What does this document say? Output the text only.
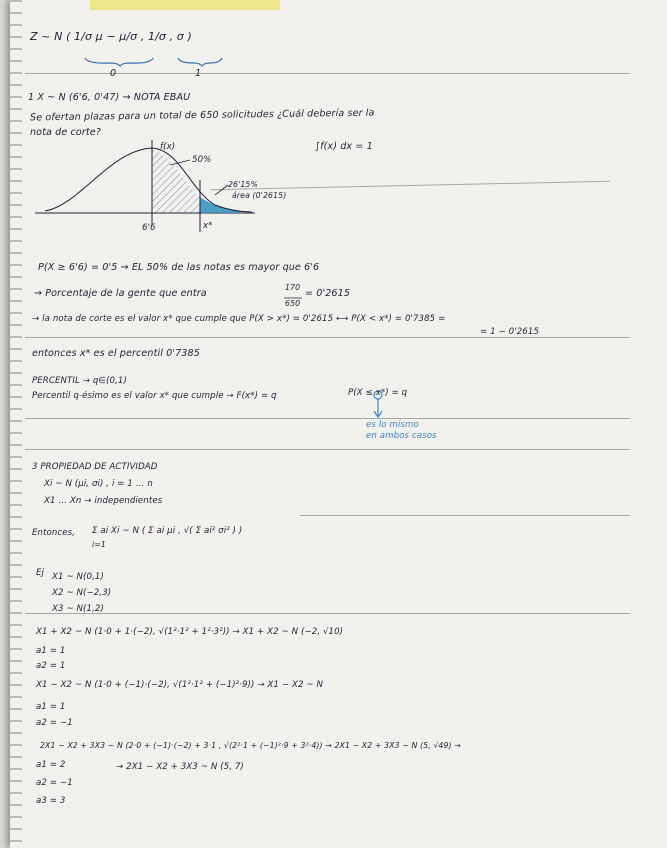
Z ~ N ( 1/σ μ − μ/σ , 1/σ , σ )
0	1
1 X ~ N (6'6, 0'47) → NOTA EBAU
Se ofertan plazas para un total de 650 solicitudes ¿Cuál debería ser la
nota de corte?
f(x)
50%
26'15%
área (0'2615)
6'6	x*
∫f(x) dx = 1
P(X ≥ 6'6) = 0'5 → EL 50% de las notas es mayor que 6'6
→ Porcentaje de la gente que entra
170
650
= 0'2615
→ la nota de corte es el valor x* que cumple que P(X > x*) = 0'2615 ⟷ P(X < x*) = 0'7385 =
= 1 − 0'2615
entonces x* es el percentil 0'7385
PERCENTIL → q∈(0,1)
Percentil q-ésimo es el valor x* que cumple → F(x*) = q	P(X ≤ x*) = q
es lo mismo
en ambos casos
3 PROPIEDAD DE ACTIVIDAD
Xi ~ N (μi, σi) , i = 1 … n
X1 … Xn → independientes
Entonces, Σ ai Xi ~ N ( Σ ai μi , √( Σ ai² σi² ) )
i=1
Ej X1 ~ N(0,1)
X2 ~ N(−2,3)
X3 ~ N(1,2)
X1 + X2 ~ N (1·0 + 1·(−2), √(1²·1² + 1²·3²)) → X1 + X2 ~ N (−2, √10)
a1 = 1
a2 = 1
X1 − X2 ~ N (1·0 + (−1)·(−2), √(1²·1² + (−1)²·9)) → X1 − X2 ~ N
a1 = 1
a2 = −1
2X1 − X2 + 3X3 ~ N (2·0 + (−1)·(−2) + 3·1 , √(2²·1 + (−1)²·9 + 3²·4)) → 2X1 − X2 + 3X3 ~ N (5, √49) →
a1 = 2	→ 2X1 − X2 + 3X3 ~ N (5, 7)
a2 = −1
a3 = 3
